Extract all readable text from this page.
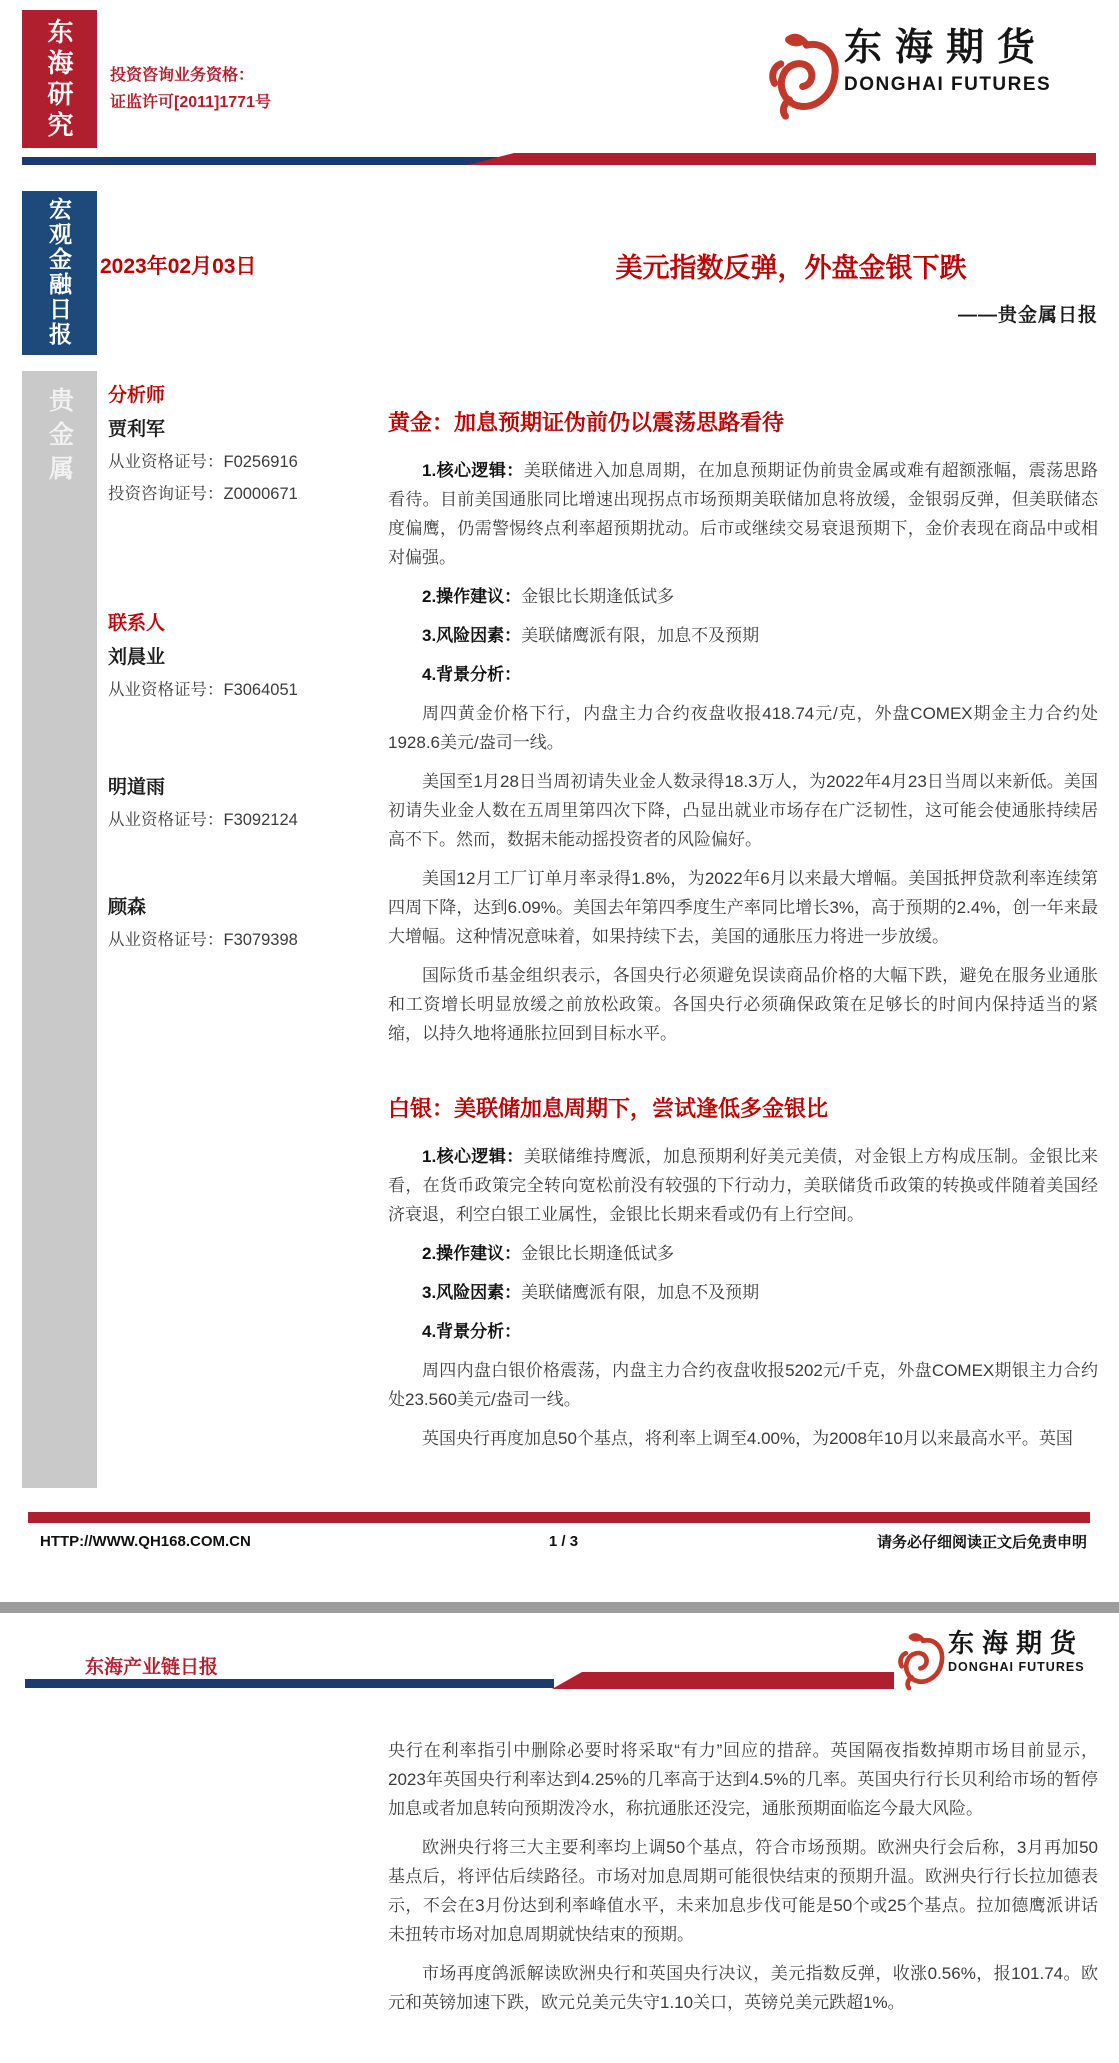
东海研究 投资咨询业务资格：
证监许可[2011]1771号
东海期货
DONGHAI FUTURES
宏观金融日报
贵金属
2023年02月03日
分析师
贾利军
从业资格证号：F0256916
投资咨询证号：Z0000671
联系人
刘晨业
从业资格证号：F3064051
明道雨
从业资格证号：F3092124
顾森
从业资格证号：F3079398
美元指数反弹，外盘金银下跌
——贵金属日报
黄金：加息预期证伪前仍以震荡思路看待

1.核心逻辑：美联储进入加息周期，在加息预期证伪前贵金属或难有超额涨幅，震荡思路看待。目前美国通胀同比增速出现拐点市场预期美联储加息将放缓，金银弱反弹，但美联储态度偏鹰，仍需警惕终点利率超预期扰动。后市或继续交易衰退预期下，金价表现在商品中或相对偏强。

2.操作建议：金银比长期逢低试多

3.风险因素：美联储鹰派有限，加息不及预期

4.背景分析：

周四黄金价格下行，内盘主力合约夜盘收报418.74元/克，外盘COMEX期金主力合约处1928.6美元/盎司一线。

美国至1月28日当周初请失业金人数录得18.3万人，为2022年4月23日当周以来新低。美国初请失业金人数在五周里第四次下降，凸显出就业市场存在广泛韧性，这可能会使通胀持续居高不下。然而，数据未能动摇投资者的风险偏好。

美国12月工厂订单月率录得1.8%，为2022年6月以来最大增幅。美国抵押贷款利率连续第四周下降，达到6.09%。美国去年第四季度生产率同比增长3%，高于预期的2.4%，创一年来最大增幅。这种情况意味着，如果持续下去，美国的通胀压力将进一步放缓。

国际货币基金组织表示，各国央行必须避免误读商品价格的大幅下跌，避免在服务业通胀和工资增长明显放缓之前放松政策。各国央行必须确保政策在足够长的时间内保持适当的紧缩，以持久地将通胀拉回到目标水平。

白银：美联储加息周期下，尝试逢低多金银比

1.核心逻辑：美联储维持鹰派，加息预期利好美元美债，对金银上方构成压制。金银比来看，在货币政策完全转向宽松前没有较强的下行动力，美联储货币政策的转换或伴随着美国经济衰退，利空白银工业属性，金银比长期来看或仍有上行空间。

2.操作建议：金银比长期逢低试多

3.风险因素：美联储鹰派有限，加息不及预期

4.背景分析：

周四内盘白银价格震荡，内盘主力合约夜盘收报5202元/千克，外盘COMEX期银主力合约处23.560美元/盎司一线。

英国央行再度加息50个基点，将利率上调至4.00%，为2008年10月以来最高水平。英国

HTTP://WWW.QH168.COM.CN	1 / 3	请务必仔细阅读正文后免责申明
东海产业链日报
东海期货
DONGHAI FUTURES

央行在利率指引中删除必要时将采取“有力”回应的措辞。英国隔夜指数掉期市场目前显示，2023年英国央行利率达到4.25%的几率高于达到4.5%的几率。英国央行行长贝利给市场的暂停加息或者加息转向预期泼冷水，称抗通胀还没完，通胀预期面临迄今最大风险。

欧洲央行将三大主要利率均上调50个基点，符合市场预期。欧洲央行会后称，3月再加50基点后，将评估后续路径。市场对加息周期可能很快结束的预期升温。欧洲央行行长拉加德表示，不会在3月份达到利率峰值水平，未来加息步伐可能是50个或25个基点。拉加德鹰派讲话未扭转市场对加息周期就快结束的预期。

市场再度鸽派解读欧洲央行和英国央行决议，美元指数反弹，收涨0.56%，报101.74。欧元和英镑加速下跌，欧元兑美元失守1.10关口，英镑兑美元跌超1%。
